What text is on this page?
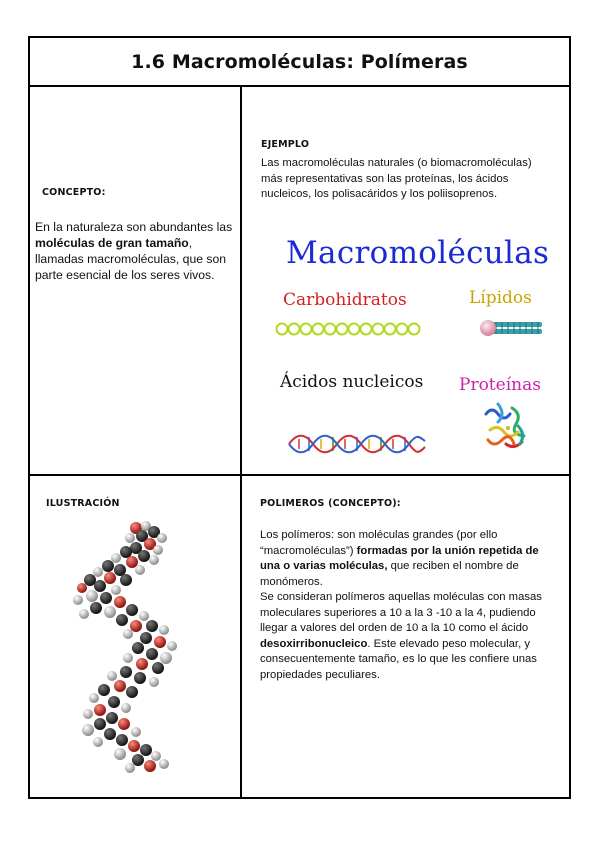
1.6 Macromoléculas: Polímeras
CONCEPTO:
En la naturaleza son abundantes las moléculas de gran tamaño, llamadas macromoléculas, que son parte esencial de los seres vivos.
EJEMPLO
Las macromoléculas naturales (o biomacromoléculas) más representativas son las proteínas, los ácidos nucleicos, los polisacáridos y los poliisoprenos.
Macromoléculas
Carbohidratos	Lípidos
Ácidos nucleicos Proteínas
ILUSTRACIÓN	POLIMEROS (CONCEPTO):
Los polímeros: son moléculas grandes (por ello “macromoléculas”) formadas por la unión repetida de una o varias moléculas, que reciben el nombre de monómeros.
Se consideran polímeros aquellas moléculas con masas moleculares superiores a 10 a la 3 -10 a la 4, pudiendo llegar a valores del orden de 10 a la 10 como el ácido desoxirribonucleico. Este elevado peso molecular, y consecuentemente tamaño, es lo que les confiere unas propiedades peculiares.
